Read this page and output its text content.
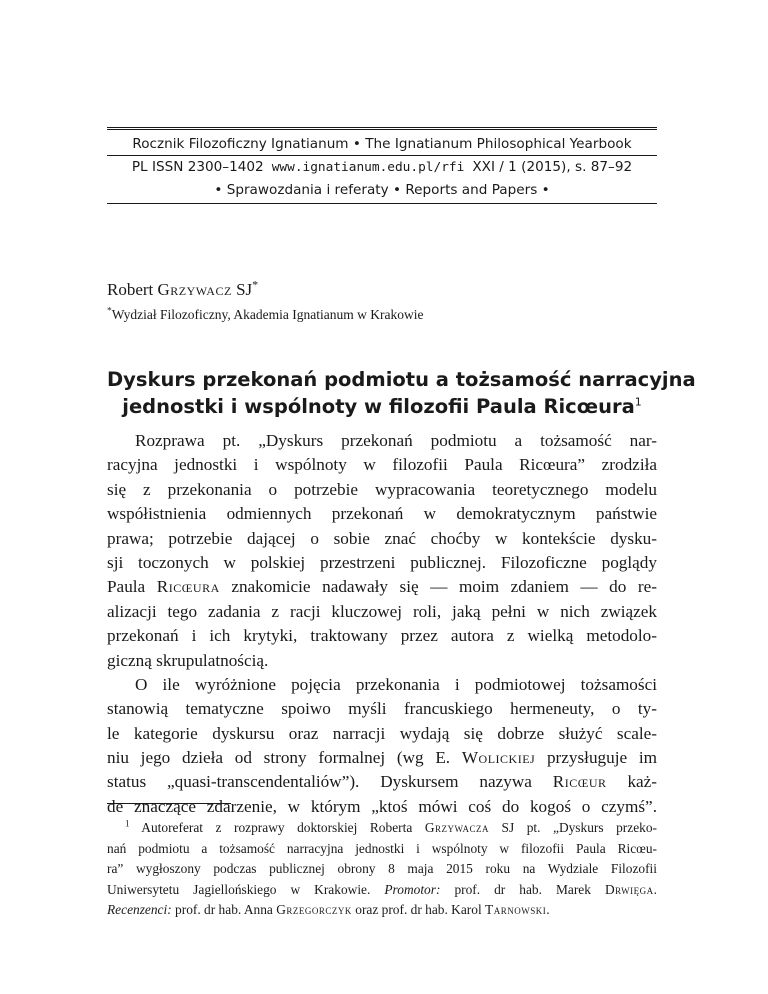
Rocznik Filozoficzny Ignatianum • The Ignatianum Philosophical Yearbook
PL ISSN 2300–1402 www.ignatianum.edu.pl/rfi XXI / 1 (2015), s. 87–92
• Sprawozdania i referaty • Reports and Papers •
Robert Grzywacz SJ*
*Wydział Filozoficzny, Akademia Ignatianum w Krakowie
Dyskurs przekonań podmiotu a tożsamość narracyjna
jednostki i wspólnoty w filozofii Paula Ricœura$^1$
Rozprawa pt. „Dyskurs przekonań podmiotu a tożsamość nar-
racyjna jednostki i wspólnoty w filozofii Paula Ricœura” zrodziła
się z przekonania o potrzebie wypracowania teoretycznego modelu
współistnienia odmiennych przekonań w demokratycznym państwie
prawa; potrzebie dającej o sobie znać choćby w kontekście dysku-
sji toczonych w polskiej przestrzeni publicznej. Filozoficzne poglądy
Paula Ricœura znakomicie nadawały się — moim zdaniem — do re-
alizacji tego zadania z racji kluczowej roli, jaką pełni w nich związek
przekonań i ich krytyki, traktowany przez autora z wielką metodolo-
giczną skrupulatnością.
O ile wyróżnione pojęcia przekonania i podmiotowej tożsamości
stanowią tematyczne spoiwo myśli francuskiego hermeneuty, o ty-
le kategorie dyskursu oraz narracji wydają się dobrze służyć scale-
niu jego dzieła od strony formalnej (wg E. Wolickiej przysługuje im
status „quasi-transcendentaliów”). Dyskursem nazywa Ricœur każ-
de znaczące zdarzenie, w którym „ktoś mówi coś do kogoś o czymś”.
$^1$ Autoreferat z rozprawy doktorskiej Roberta Grzywacza SJ pt. „Dyskurs przeko-
nań podmiotu a tożsamość narracyjna jednostki i wspólnoty w filozofii Paula Ricœu-
ra” wygłoszony podczas publicznej obrony 8 maja 2015 roku na Wydziale Filozofii
Uniwersytetu Jagiellońskiego w Krakowie. Promotor: prof. dr hab. Marek Drwięga.
Recenzenci: prof. dr hab. Anna Grzegorczyk oraz prof. dr hab. Karol Tarnowski.
